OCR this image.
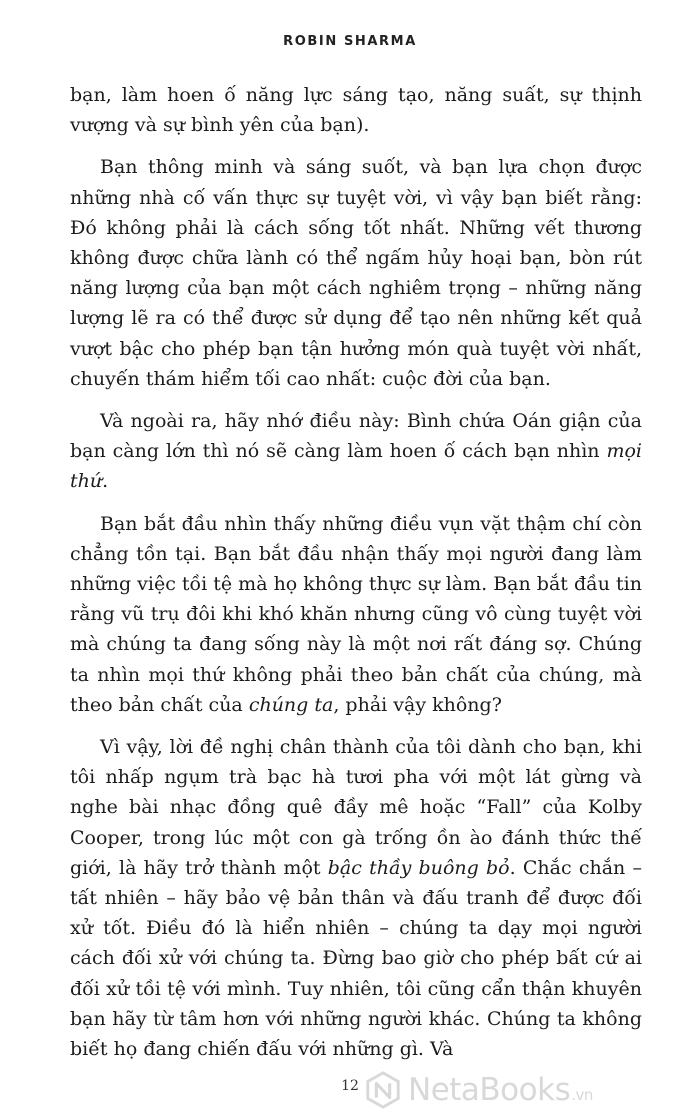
ROBIN SHARMA

bạn, làm hoen ố năng lực sáng tạo, năng suất, sự thịnh vượng và sự bình yên của bạn).

Bạn thông minh và sáng suốt, và bạn lựa chọn được những nhà cố vấn thực sự tuyệt vời, vì vậy bạn biết rằng: Đó không phải là cách sống tốt nhất. Những vết thương không được chữa lành có thể ngấm hủy hoại bạn, bòn rút năng lượng của bạn một cách nghiêm trọng – những năng lượng lẽ ra có thể được sử dụng để tạo nên những kết quả vượt bậc cho phép bạn tận hưởng món quà tuyệt vời nhất, chuyến thám hiểm tối cao nhất: cuộc đời của bạn.

Và ngoài ra, hãy nhớ điều này: Bình chứa Oán giận của bạn càng lớn thì nó sẽ càng làm hoen ố cách bạn nhìn mọi thứ.

Bạn bắt đầu nhìn thấy những điều vụn vặt thậm chí còn chẳng tồn tại. Bạn bắt đầu nhận thấy mọi người đang làm những việc tồi tệ mà họ không thực sự làm. Bạn bắt đầu tin rằng vũ trụ đôi khi khó khăn nhưng cũng vô cùng tuyệt vời mà chúng ta đang sống này là một nơi rất đáng sợ. Chúng ta nhìn mọi thứ không phải theo bản chất của chúng, mà theo bản chất của chúng ta, phải vậy không?

Vì vậy, lời đề nghị chân thành của tôi dành cho bạn, khi tôi nhấp ngụm trà bạc hà tươi pha với một lát gừng và nghe bài nhạc đồng quê đầy mê hoặc “Fall” của Kolby Cooper, trong lúc một con gà trống ồn ào đánh thức thế giới, là hãy trở thành một bậc thầy buông bỏ. Chắc chắn – tất nhiên – hãy bảo vệ bản thân và đấu tranh để được đối xử tốt. Điều đó là hiển nhiên – chúng ta dạy mọi người cách đối xử với chúng ta. Đừng bao giờ cho phép bất cứ ai đối xử tồi tệ với mình. Tuy nhiên, tôi cũng cẩn thận khuyên bạn hãy từ tâm hơn với những người khác. Chúng ta không biết họ đang chiến đấu với những gì. Và

12	NetaBooks.vn
